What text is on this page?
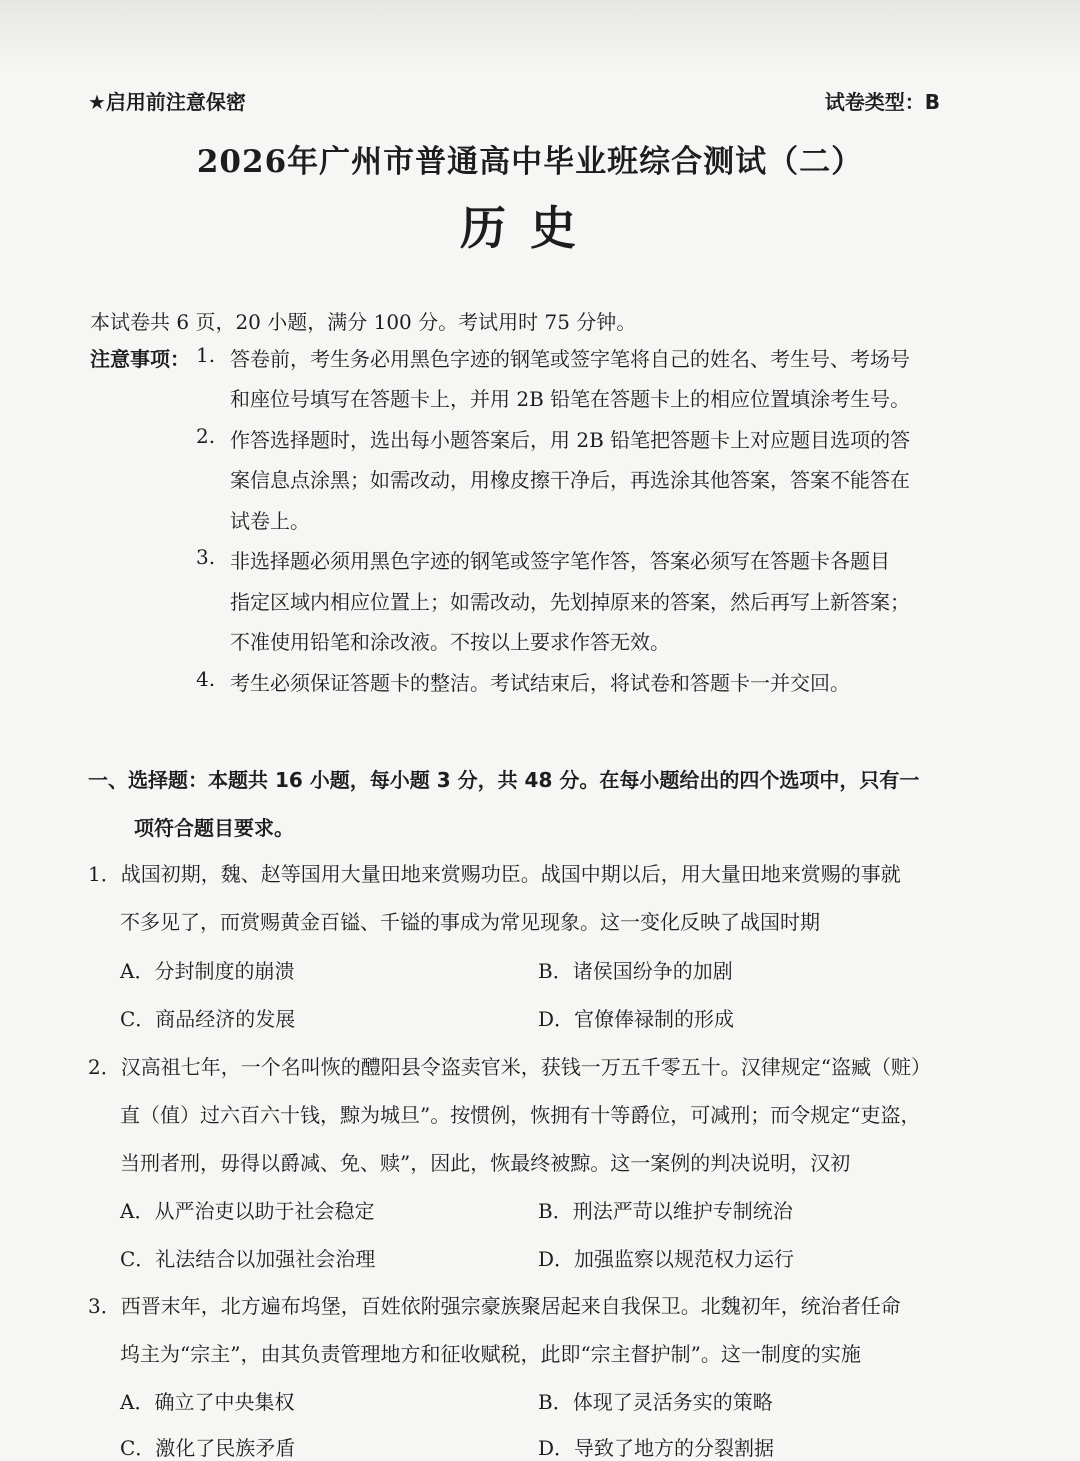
★启用前注意保密	试卷类型：B
2026年广州市普通高中毕业班综合测试（二）
历史
本试卷共 6 页，20 小题，满分 100 分。考试用时 75 分钟。
注意事项： 1. 答卷前，考生务必用黑色字迹的钢笔或签字笔将自己的姓名、考生号、考场号
和座位号填写在答题卡上，并用 2B 铅笔在答题卡上的相应位置填涂考生号。
2. 作答选择题时，选出每小题答案后，用 2B 铅笔把答题卡上对应题目选项的答
案信息点涂黑；如需改动，用橡皮擦干净后，再选涂其他答案，答案不能答在
试卷上。
3. 非选择题必须用黑色字迹的钢笔或签字笔作答，答案必须写在答题卡各题目
指定区域内相应位置上；如需改动，先划掉原来的答案，然后再写上新答案；
不准使用铅笔和涂改液。不按以上要求作答无效。
4. 考生必须保证答题卡的整洁。考试结束后，将试卷和答题卡一并交回。
一、选择题：本题共 16 小题，每小题 3 分，共 48 分。在每小题给出的四个选项中，只有一
项符合题目要求。
1．战国初期，魏、赵等国用大量田地来赏赐功臣。战国中期以后，用大量田地来赏赐的事就
不多见了，而赏赐黄金百镒、千镒的事成为常见现象。这一变化反映了战国时期
A．分封制度的崩溃	B．诸侯国纷争的加剧
C．商品经济的发展	D．官僚俸禄制的形成
2．汉高祖七年，一个名叫恢的醴阳县令盗卖官米，获钱一万五千零五十。汉律规定“盗臧（赃）
直（值）过六百六十钱，黥为城旦”。按惯例，恢拥有十等爵位，可减刑；而令规定“吏盗，
当刑者刑，毋得以爵减、免、赎”，因此，恢最终被黥。这一案例的判决说明，汉初
A．从严治吏以助于社会稳定	B．刑法严苛以维护专制统治
C．礼法结合以加强社会治理	D．加强监察以规范权力运行
3．西晋末年，北方遍布坞堡，百姓依附强宗豪族聚居起来自我保卫。北魏初年，统治者任命
坞主为“宗主”，由其负责管理地方和征收赋税，此即“宗主督护制”。这一制度的实施
A．确立了中央集权	B．体现了灵活务实的策略
C．激化了民族矛盾	D．导致了地方的分裂割据
